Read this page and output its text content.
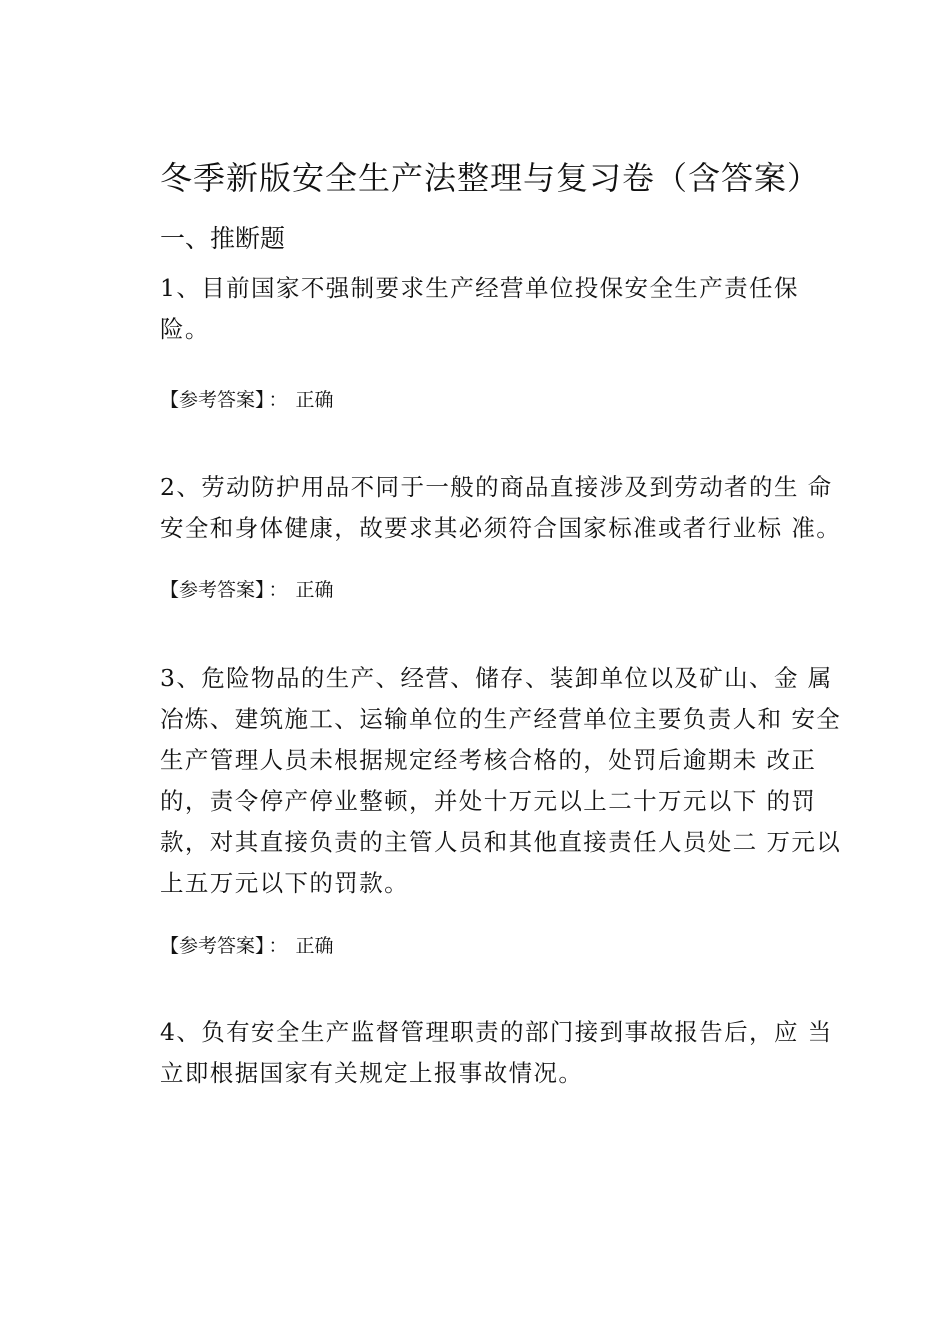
冬季新版安全生产法整理与复习卷（含答案）
一、推断题
1、目前国家不强制要求生产经营单位投保安全生产责任保
险。
【参考答案】 ： 正确
2、劳动防护用品不同于一般的商品直接涉及到劳动者的生 命
安全和身体健康，故要求其必须符合国家标准或者行业标 准。
【参考答案】 ： 正确
3、危险物品的生产、经营、储存、装卸单位以及矿山、金 属
冶炼、建筑施工、运输单位的生产经营单位主要负责人和 安全
生产管理人员未根据规定经考核合格的，处罚后逾期未 改正
的，责令停产停业整顿，并处十万元以上二十万元以下 的罚
款，对其直接负责的主管人员和其他直接责任人员处二 万元以
上五万元以下的罚款。
【参考答案】 ： 正确
4、负有安全生产监督管理职责的部门接到事故报告后，应 当
立即根据国家有关规定上报事故情况。
